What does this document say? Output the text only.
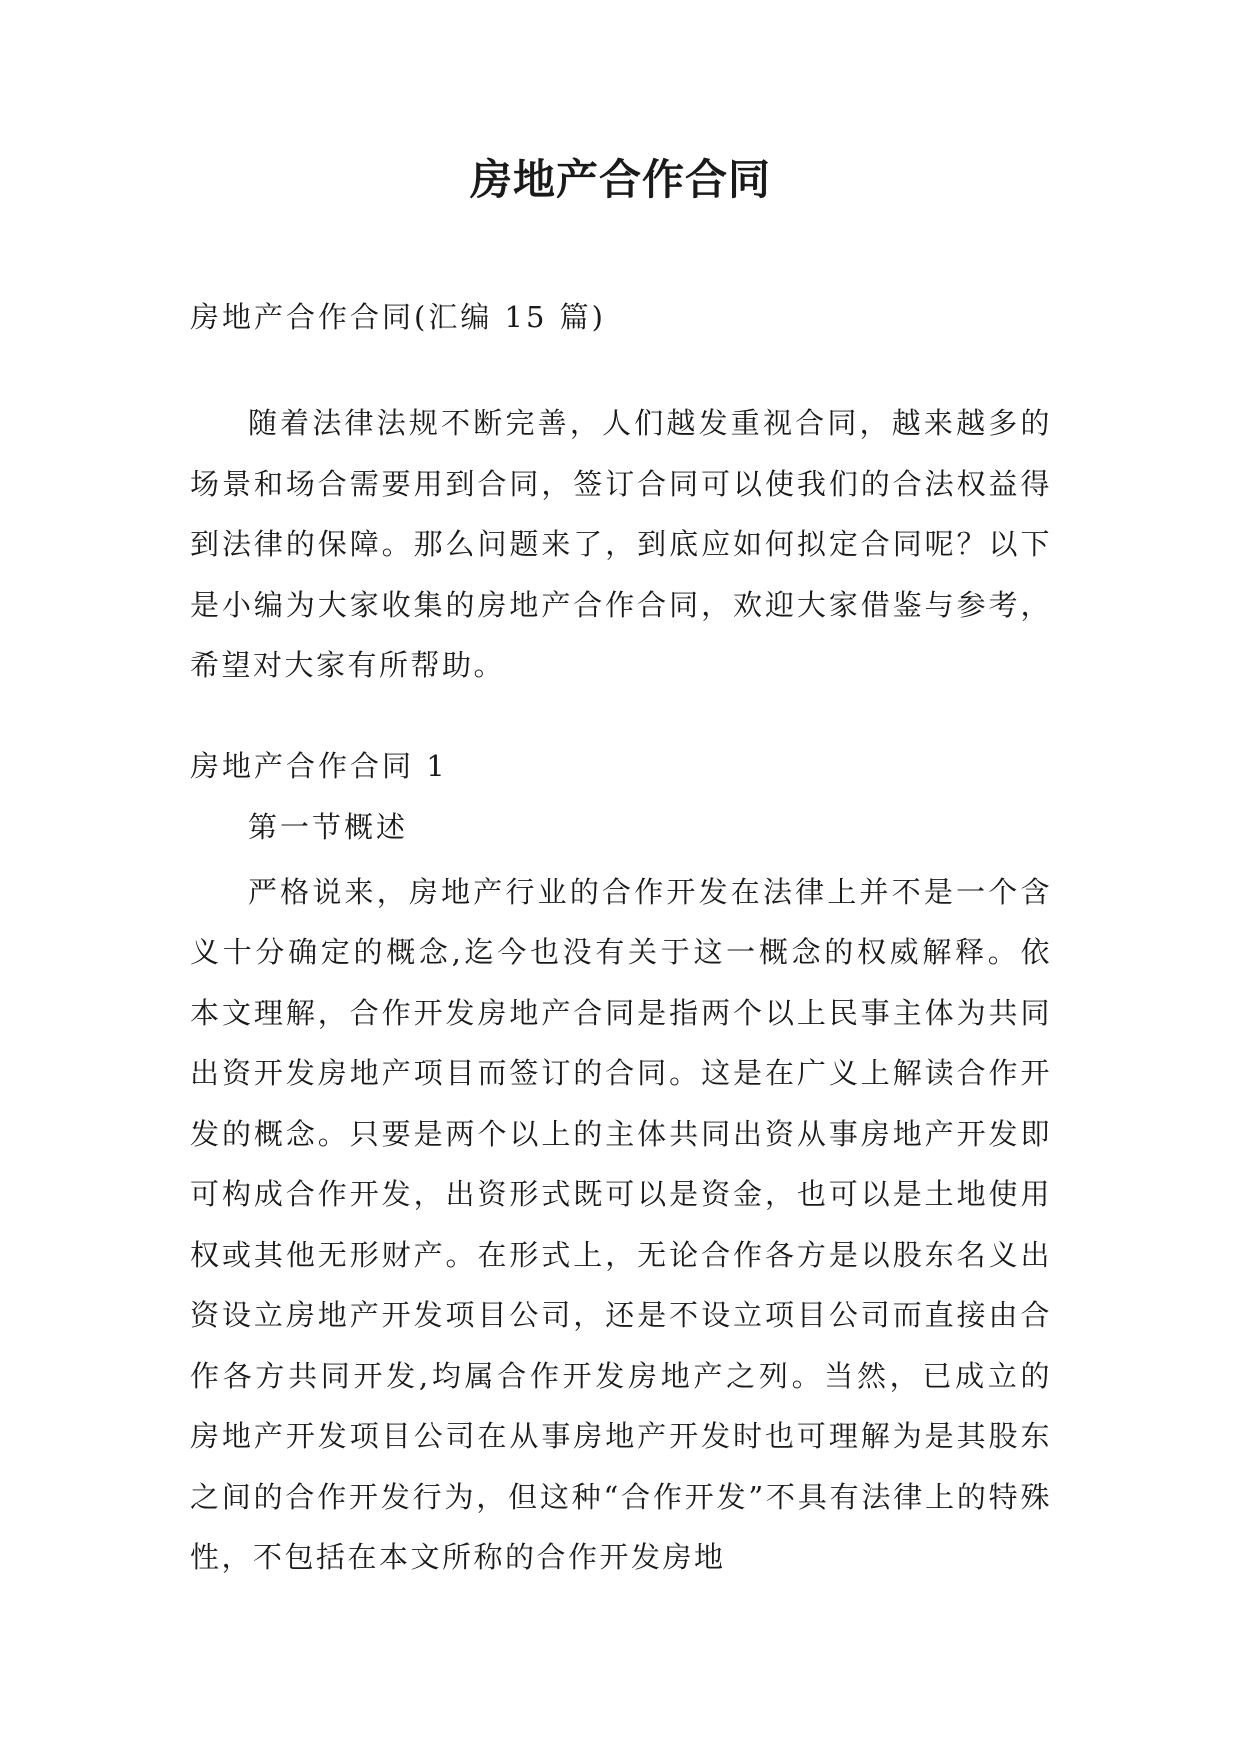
房地产合作合同

房地产合作合同(汇编 15 篇)

随着法律法规不断完善，人们越发重视合同，越来越多的场景和场合需要用到合同，签订合同可以使我们的合法权益得到法律的保障。那么问题来了，到底应如何拟定合同呢？以下是小编为大家收集的房地产合作合同，欢迎大家借鉴与参考，希望对大家有所帮助。

房地产合作合同 1

第一节概述

严格说来，房地产行业的合作开发在法律上并不是一个含义十分确定的概念,迄今也没有关于这一概念的权威解释。依本文理解，合作开发房地产合同是指两个以上民事主体为共同出资开发房地产项目而签订的合同。这是在广义上解读合作开发的概念。只要是两个以上的主体共同出资从事房地产开发即可构成合作开发，出资形式既可以是资金，也可以是土地使用权或其他无形财产。在形式上，无论合作各方是以股东名义出资设立房地产开发项目公司，还是不设立项目公司而直接由合作各方共同开发,均属合作开发房地产之列。当然，已成立的房地产开发项目公司在从事房地产开发时也可理解为是其股东之间的合作开发行为，但这种“合作开发”不具有法律上的特殊性，不包括在本文所称的合作开发房地
